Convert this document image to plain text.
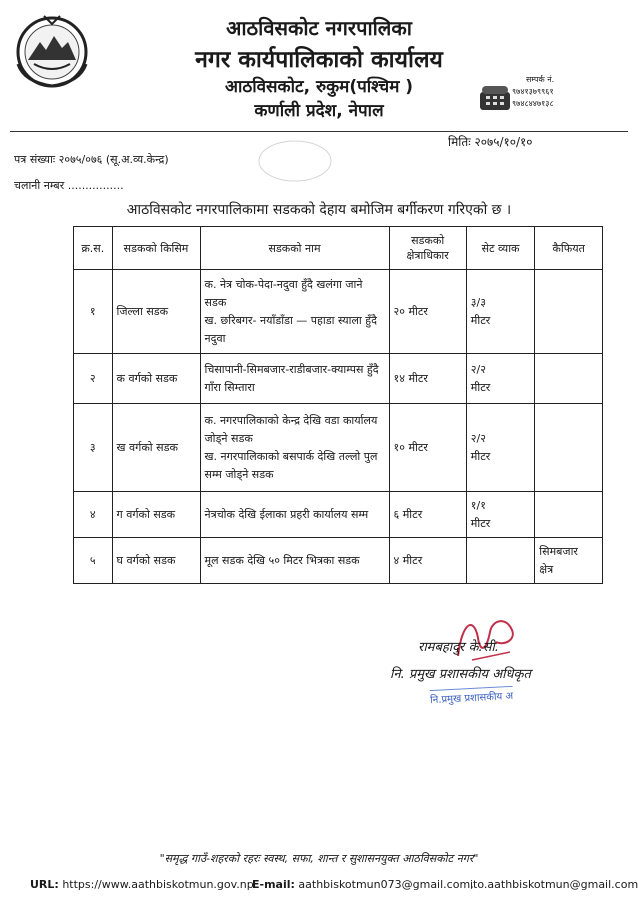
आठविसकोट नगरपालिका
नगर कार्यपालिकाको कार्यालय
आठविसकोट, रुकुम(पश्चिम )
कर्णाली प्रदेश, नेपाल
सम्पर्क नं.
९७४१३७९९६१
९७४८४४७१३८
मितिः २०७५/१०/१०
पत्र संख्याः २०७५/०७६ (सू.अ.व्य.केन्द्र)
चलानी नम्बर ................
आठविसकोट नगरपालिकामा सडकको देहाय बमोजिम बर्गीकरण गरिएको छ ।
क्र.स.	सडकको किसिम	सडकको नाम	सडकको क्षेत्राधिकार	सेट व्याक	कैफियत
१	जिल्ला सडक	क. नेत्र चोक-पेदा-नदुवा हुँदै खलंगा जाने सडक
ख. छरिबगर- नयाँडाँडा — पहाडा स्याला हुँदै नदुवा	२० मीटर	३/३
मीटर	

२	क वर्गको सडक	चिसापानी-सिमबजार-राडीबजार-क्याम्पस हुँदै गाँरा सिम्तारा	१४ मीटर	२/२
मीटर	

३	ख वर्गको सडक	क. नगरपालिकाको केन्द्र देखि वडा कार्यालय जोड्ने सडक
ख. नगरपालिकाको बसपार्क देखि तल्लो पुल सम्म जोड्ने सडक	१० मीटर	२/२
मीटर	

४	ग वर्गको सडक	नेत्रचोक देखि ईलाका प्रहरी कार्यालय सम्म	६ मीटर	१/१
मीटर	

५	घ वर्गको सडक	मूल सडक देखि ५० मिटर भित्रका सडक	४ मीटर		सिमबजार
क्षेत्र
रामबहादुर के.सी.
नि. प्रमुख प्रशासकीय अधिकृत
नि.प्रमुख प्रशासकीय अ
"समृद्ध गाउँ-शहरको रहरः स्वस्थ, सफा, शान्त र सुशासनयुक्त आठविसकोट नगर"
URL: https://www.aathbiskotmun.gov.np
E-mail: aathbiskotmun073@gmail.com,
ito.aathbiskotmun@gmail.com
